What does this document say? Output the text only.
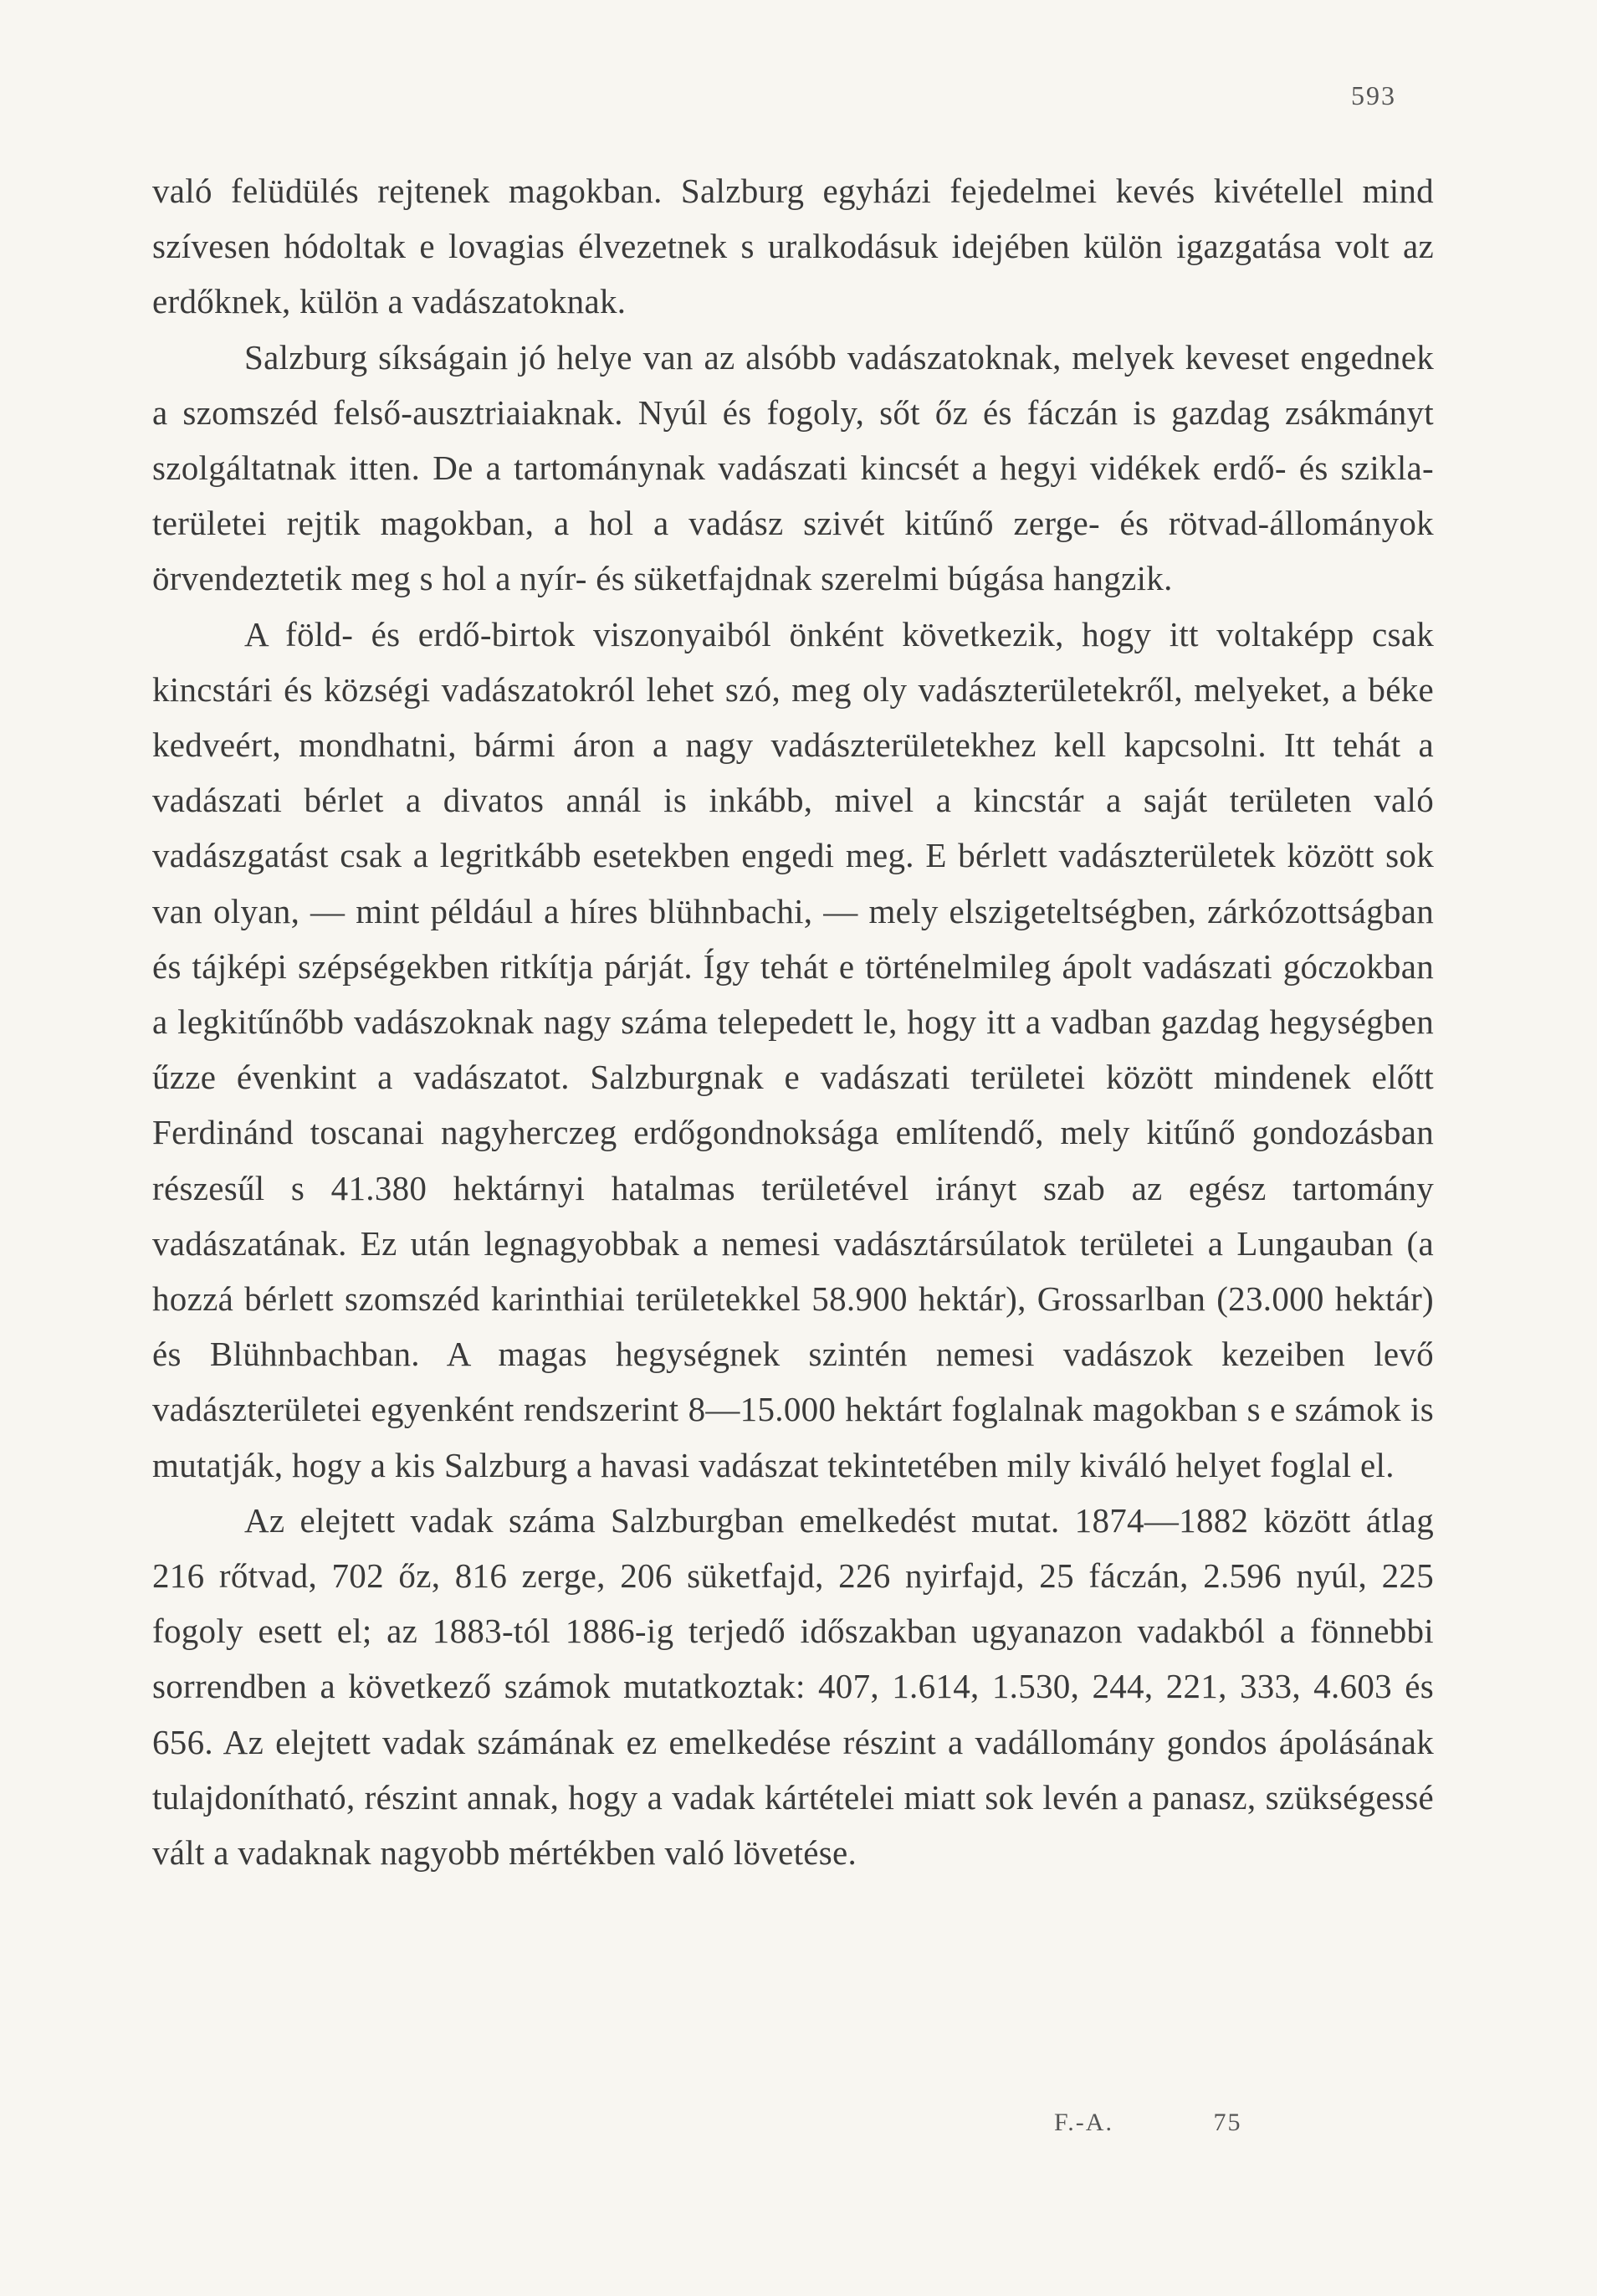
593

való felüdülés rejtenek magokban. Salzburg egyházi fejedelmei kevés kivétellel mind szívesen hódoltak e lovagias élvezetnek s uralkodásuk idejében külön igazgatása volt az erdőknek, külön a vadászatoknak.

Salzburg síkságain jó helye van az alsóbb vadászatoknak, melyek keveset engednek a szomszéd felső-ausztriaiaknak. Nyúl és fogoly, sőt őz és fáczán is gazdag zsákmányt szolgáltatnak itten. De a tartománynak vadászati kincsét a hegyi vidékek erdő- és szikla-területei rejtik magokban, a hol a vadász szivét kitűnő zerge- és rötvad-állományok örvendeztetik meg s hol a nyír- és süketfajdnak szerelmi búgása hangzik.

A föld- és erdő-birtok viszonyaiból önként következik, hogy itt voltaképp csak kincstári és községi vadászatokról lehet szó, meg oly vadászterületekről, melyeket, a béke kedveért, mondhatni, bármi áron a nagy vadászterületekhez kell kapcsolni. Itt tehát a vadászati bérlet a divatos annál is inkább, mivel a kincstár a saját területen való vadászgatást csak a legritkább esetekben engedi meg. E bérlett vadászterületek között sok van olyan, — mint például a híres blühnbachi, — mely elszigeteltségben, zárkózottságban és tájképi szépségekben ritkítja párját. Így tehát e történelmileg ápolt vadászati góczokban a legkitűnőbb vadászoknak nagy száma telepedett le, hogy itt a vadban gazdag hegységben űzze évenkint a vadászatot. Salzburgnak e vadászati területei között mindenek előtt Ferdinánd toscanai nagyherczeg erdőgondnoksága említendő, mely kitűnő gondozásban részesűl s 41.380 hektárnyi hatalmas területével irányt szab az egész tartomány vadászatának. Ez után legnagyobbak a nemesi vadásztársúlatok területei a Lungauban (a hozzá bérlett szomszéd karinthiai területekkel 58.900 hektár), Grossarlban (23.000 hektár) és Blühnbachban. A magas hegységnek szintén nemesi vadászok kezeiben levő vadászterületei egyenként rendszerint 8—15.000 hektárt foglalnak magokban s e számok is mutatják, hogy a kis Salzburg a havasi vadászat tekintetében mily kiváló helyet foglal el.

Az elejtett vadak száma Salzburgban emelkedést mutat. 1874—1882 között átlag 216 rőtvad, 702 őz, 816 zerge, 206 süketfajd, 226 nyirfajd, 25 fáczán, 2.596 nyúl, 225 fogoly esett el; az 1883-tól 1886-ig terjedő időszakban ugyanazon vadakból a fönnebbi sorrendben a következő számok mutatkoztak: 407, 1.614, 1.530, 244, 221, 333, 4.603 és 656. Az elejtett vadak számának ez emelkedése részint a vadállomány gondos ápolásának tulajdonítható, részint annak, hogy a vadak kártételei miatt sok levén a panasz, szükségessé vált a vadaknak nagyobb mértékben való lövetése.

F.-A.	75
